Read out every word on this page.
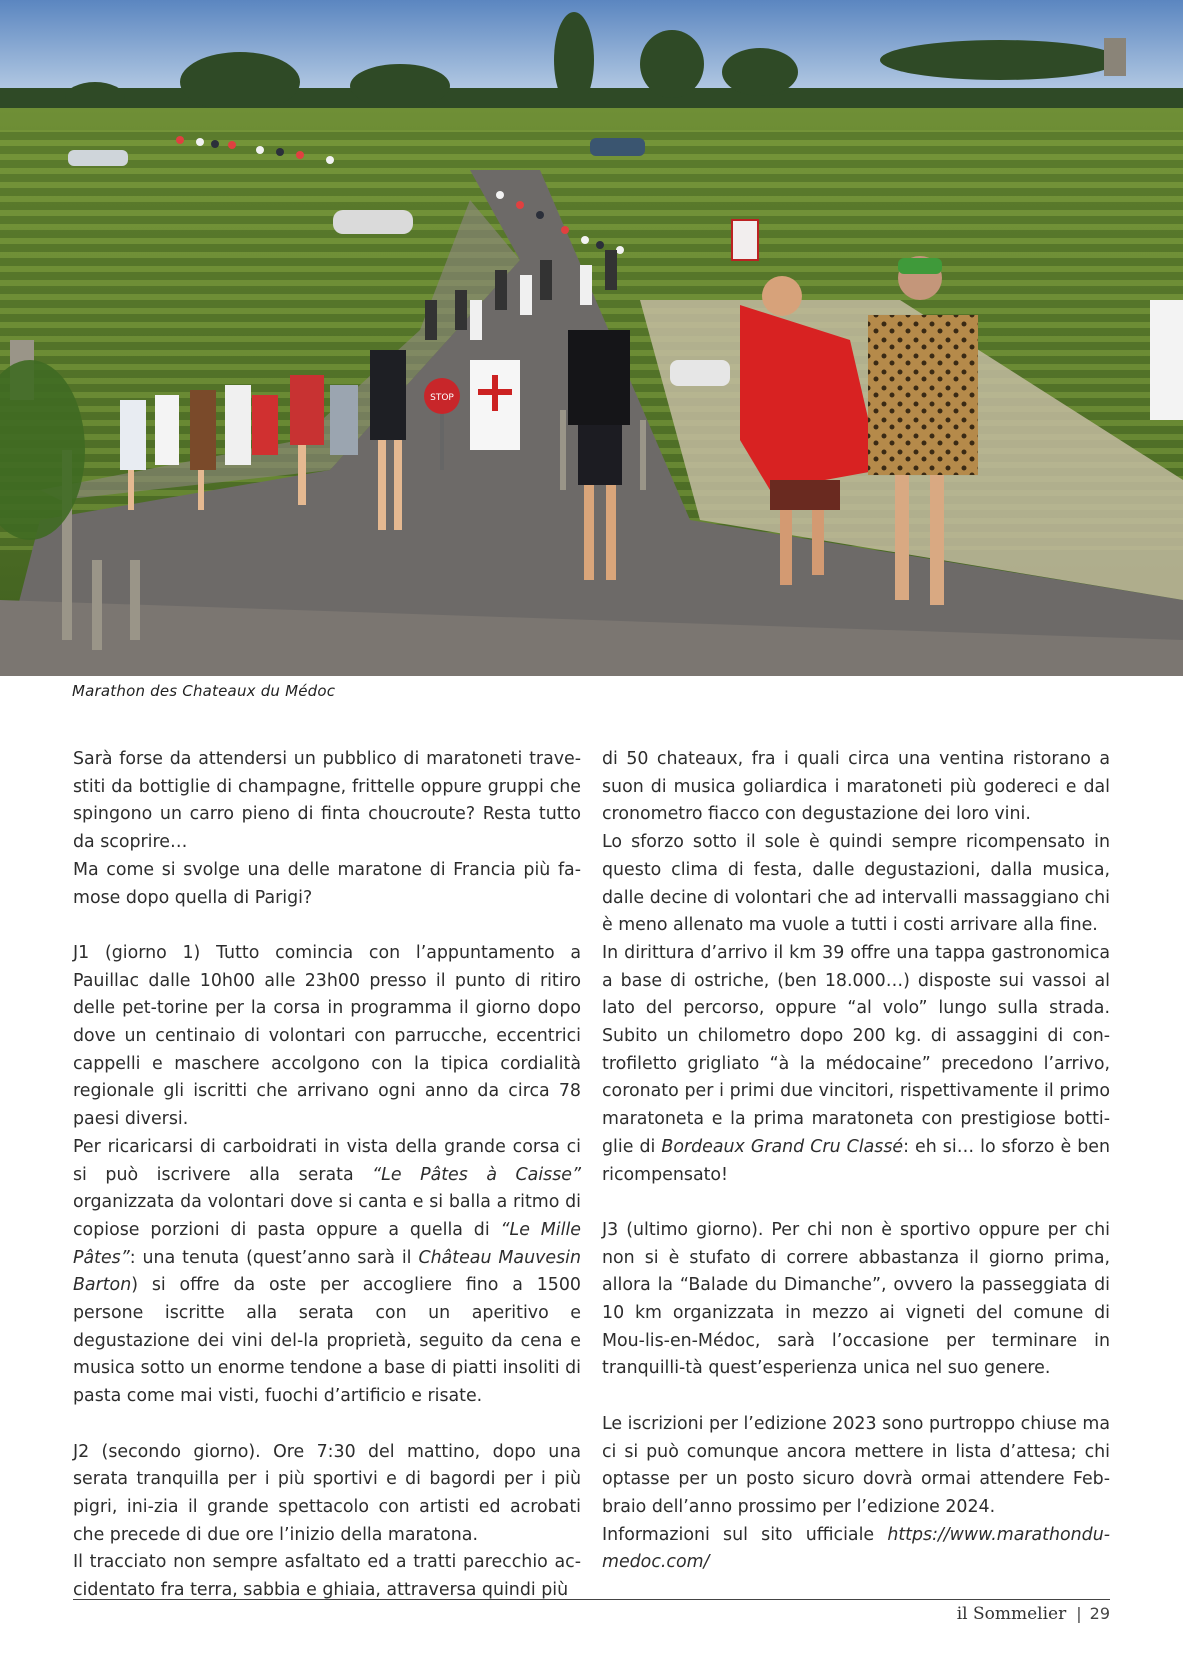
STOP
Marathon des Chateaux du Médoc

Sarà forse da attendersi un pubblico di maratoneti trave-stiti da bottiglie di champagne, frittelle oppure gruppi che spingono un carro pieno di finta choucroute? Resta tutto da scoprire…

Ma come si svolge una delle maratone di Francia più fa-mose dopo quella di Parigi?

J1 (giorno 1) Tutto comincia con l’appuntamento a Pauillac dalle 10h00 alle 23h00 presso il punto di ritiro delle pet-torine per la corsa in programma il giorno dopo dove un centinaio di volontari con parrucche, eccentrici cappelli e maschere accolgono con la tipica cordialità regionale gli iscritti che arrivano ogni anno da circa 78 paesi diversi.

Per ricaricarsi di carboidrati in vista della grande corsa ci si può iscrivere alla serata “Le Pâtes à Caisse” organizzata da volontari dove si canta e si balla a ritmo di copiose porzioni di pasta oppure a quella di “Le Mille Pâtes”: una tenuta (quest’anno sarà il Château Mauvesin Barton) si offre da oste per accogliere fino a 1500 persone iscritte alla serata con un aperitivo e degustazione dei vini del-la proprietà, seguito da cena e musica sotto un enorme tendone a base di piatti insoliti di pasta come mai visti, fuochi d’artificio e risate.

J2 (secondo giorno). Ore 7:30 del mattino, dopo una serata tranquilla per i più sportivi e di bagordi per i più pigri, ini-zia il grande spettacolo con artisti ed acrobati che precede di due ore l’inizio della maratona.

Il tracciato non sempre asfaltato ed a tratti parecchio ac-cidentato fra terra, sabbia e ghiaia, attraversa quindi più

di 50 chateaux, fra i quali circa una ventina ristorano a suon di musica goliardica i maratoneti più godereci e dal cronometro fiacco con degustazione dei loro vini.

Lo sforzo sotto il sole è quindi sempre ricompensato in questo clima di festa, dalle degustazioni, dalla musica, dalle decine di volontari che ad intervalli massaggiano chi è meno allenato ma vuole a tutti i costi arrivare alla fine.

In dirittura d’arrivo il km 39 offre una tappa gastronomica a base di ostriche, (ben 18.000…) disposte sui vassoi al lato del percorso, oppure “al volo” lungo sulla strada. Subito un chilometro dopo 200 kg. di assaggini di con-trofiletto grigliato “à la médocaine” precedono l’arrivo, coronato per i primi due vincitori, rispettivamente il primo maratoneta e la prima maratoneta con prestigiose botti-glie di Bordeaux Grand Cru Classé: eh si… lo sforzo è ben ricompensato!

J3 (ultimo giorno). Per chi non è sportivo oppure per chi non si è stufato di correre abbastanza il giorno prima, allora la “Balade du Dimanche”, ovvero la passeggiata di 10 km organizzata in mezzo ai vigneti del comune di Mou-lis-en-Médoc, sarà l’occasione per terminare in tranquilli-tà quest’esperienza unica nel suo genere.

Le iscrizioni per l’edizione 2023 sono purtroppo chiuse ma ci si può comunque ancora mettere in lista d’attesa; chi optasse per un posto sicuro dovrà ormai attendere Feb-braio dell’anno prossimo per l’edizione 2024.

Informazioni sul sito ufficiale https://www.marathondu-medoc.com/

il Sommelier | 29
